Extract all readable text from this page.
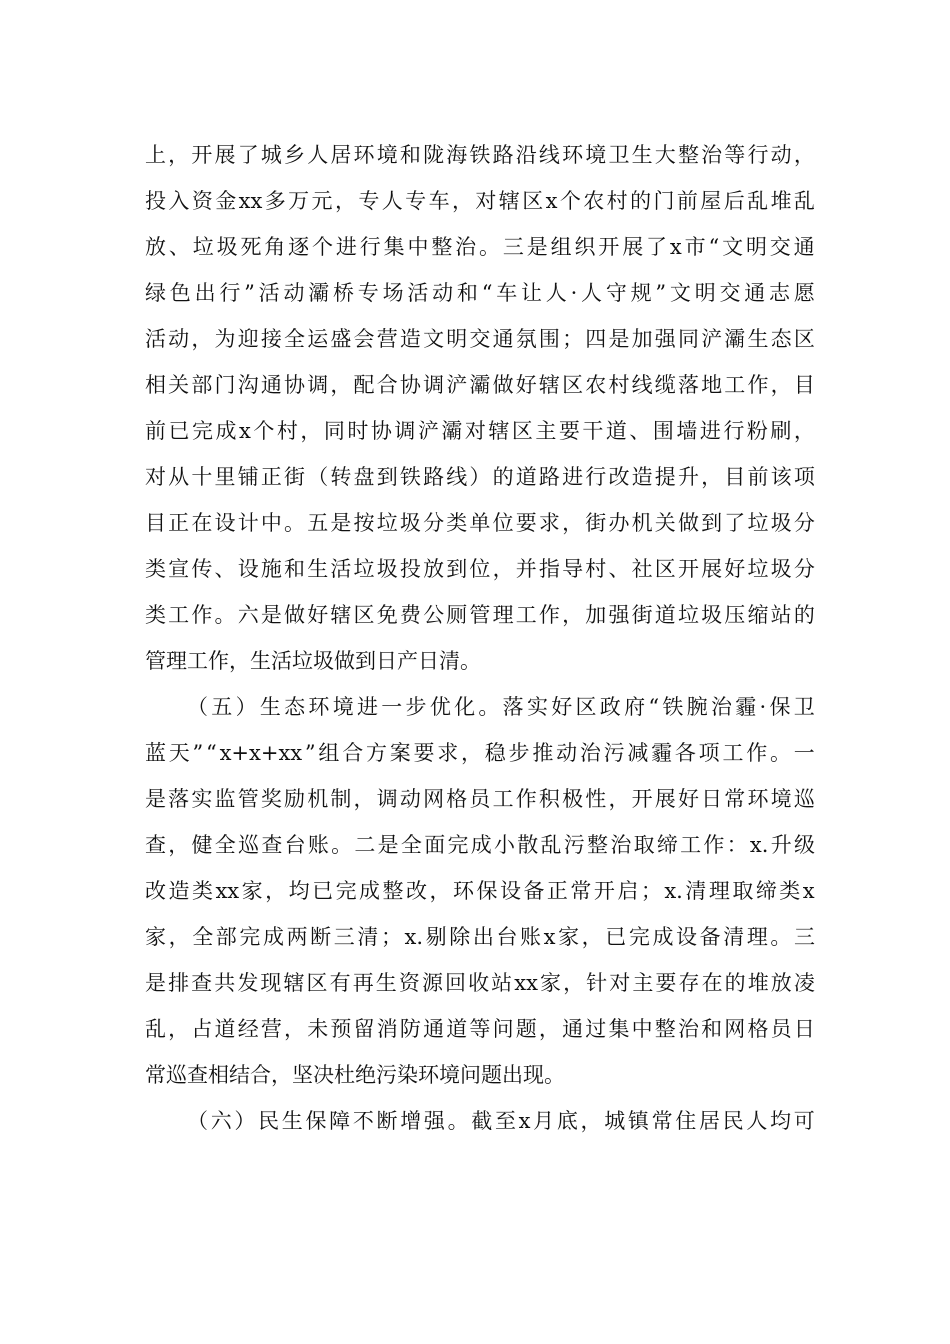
上 ， 开 展 了 城 乡 人 居 环 境 和 陇 海 铁 路 沿 线 环 境 卫 生 大 整 治 等 行 动 ，
投 入 资 金 xx 多 万 元 ， 专 人 专 车 ， 对 辖 区 x 个 农 村 的 门 前 屋 后 乱 堆 乱
放 、 垃 圾 死 角 逐 个 进 行 集 中 整 治 。 三 是 组 织 开 展 了 x 市 “ 文 明 交 通
绿 色 出 行 ” 活 动 灞 桥 专 场 活 动 和 “ 车 让 人 · 人 守 规 ” 文 明 交 通 志 愿
活 动 ， 为 迎 接 全 运 盛 会 营 造 文 明 交 通 氛 围 ； 四 是 加 强 同 浐 灞 生 态 区
相 关 部 门 沟 通 协 调 ， 配 合 协 调 浐 灞 做 好 辖 区 农 村 线 缆 落 地 工 作 ， 目
前 已 完 成 x 个 村 ， 同 时 协 调 浐 灞 对 辖 区 主 要 干 道 、 围 墙 进 行 粉 刷 ，
对 从 十 里 铺 正 街 （ 转 盘 到 铁 路 线 ） 的 道 路 进 行 改 造 提 升 ， 目 前 该 项
目 正 在 设 计 中 。 五 是 按 垃 圾 分 类 单 位 要 求 ， 街 办 机 关 做 到 了 垃 圾 分
类 宣 传 、 设 施 和 生 活 垃 圾 投 放 到 位 ， 并 指 导 村 、 社 区 开 展 好 垃 圾 分
类 工 作 。 六 是 做 好 辖 区 免 费 公 厕 管 理 工 作 ， 加 强 街 道 垃 圾 压 缩 站 的
管理工作，生活垃圾做到日产日清。
（ 五 ） 生 态 环 境 进 一 步 优 化 。 落 实 好 区 政 府 “ 铁 腕 治 霾 · 保 卫
蓝 天 ” “ x+x+xx ” 组 合 方 案 要 求 ， 稳 步 推 动 治 污 减 霾 各 项 工 作 。 一
是 落 实 监 管 奖 励 机 制 ， 调 动 网 格 员 工 作 积 极 性 ， 开 展 好 日 常 环 境 巡
查 ， 健 全 巡 查 台 账 。 二 是 全 面 完 成 小 散 乱 污 整 治 取 缔 工 作 ： x. 升 级
改 造 类 xx 家 ， 均 已 完 成 整 改 ， 环 保 设 备 正 常 开 启 ； x. 清 理 取 缔 类 x
家 ， 全 部 完 成 两 断 三 清 ； x. 剔 除 出 台 账 x 家 ， 已 完 成 设 备 清 理 。 三
是 排 查 共 发 现 辖 区 有 再 生 资 源 回 收 站 xx 家 ， 针 对 主 要 存 在 的 堆 放 凌
乱 ， 占 道 经 营 ， 未 预 留 消 防 通 道 等 问 题 ， 通 过 集 中 整 治 和 网 格 员 日
常巡查相结合，坚决杜绝污染环境问题出现。
（ 六 ） 民 生 保 障 不 断 增 强 。 截 至 x 月 底 ， 城 镇 常 住 居 民 人 均 可
